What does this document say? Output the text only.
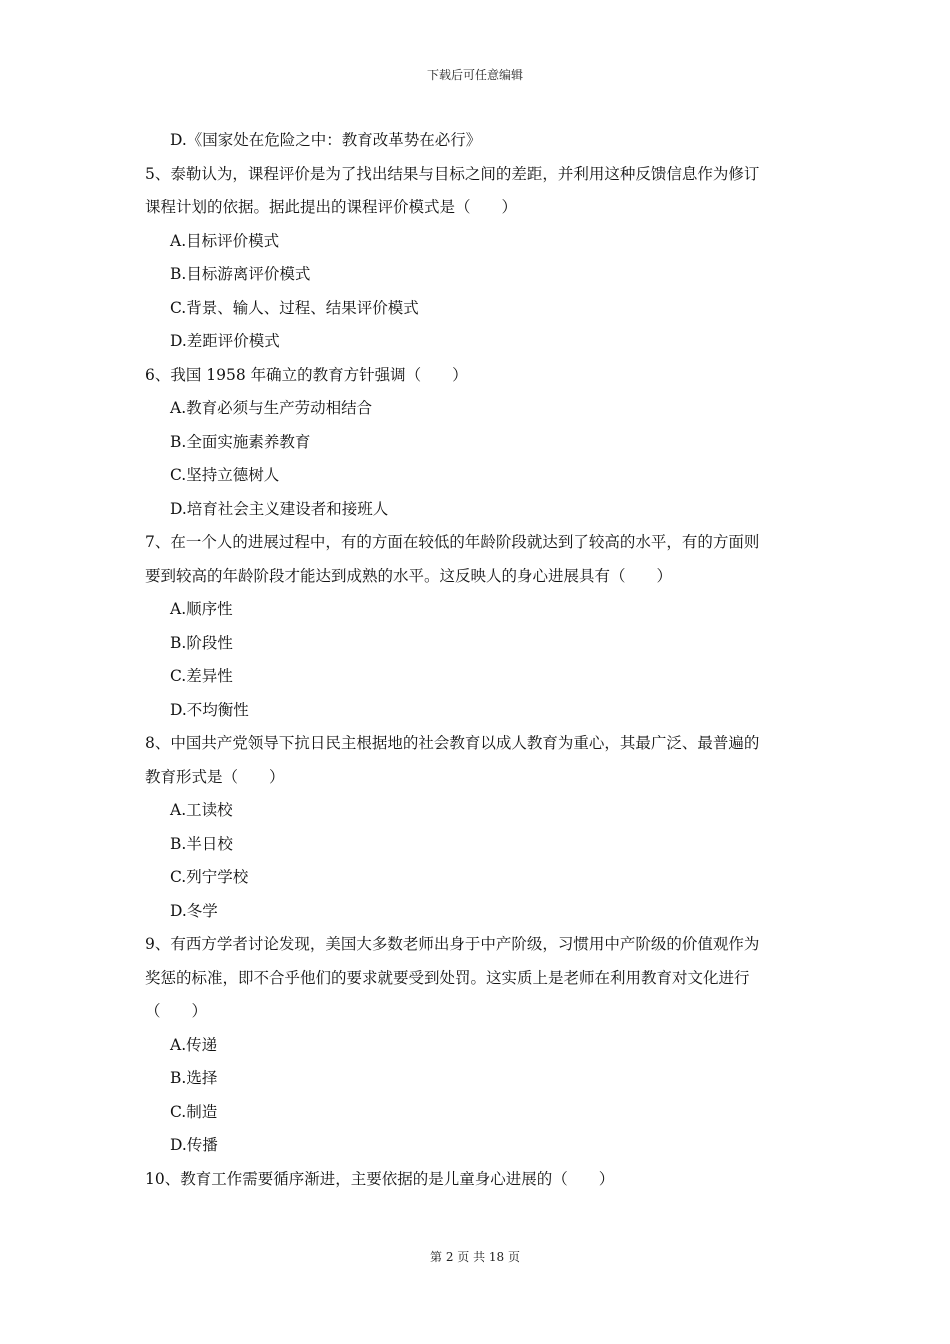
下载后可任意编辑
D.《国家处在危险之中：教育改革势在必行》
5、泰勒认为，课程评价是为了找出结果与目标之间的差距，并利用这种反馈信息作为修订
课程计划的依据。据此提出的课程评价模式是（　　）
A.目标评价模式
B.目标游离评价模式
C.背景、输人、过程、结果评价模式
D.差距评价模式
6、我国 1958 年确立的教育方针强调（　　）
A.教育必须与生产劳动相结合
B.全面实施素养教育
C.坚持立德树人
D.培育社会主义建设者和接班人
7、在一个人的进展过程中，有的方面在较低的年龄阶段就达到了较高的水平，有的方面则
要到较高的年龄阶段才能达到成熟的水平。这反映人的身心进展具有（　　）
A.顺序性
B.阶段性
C.差异性
D.不均衡性
8、中国共产党领导下抗日民主根据地的社会教育以成人教育为重心，其最广泛、最普遍的
教育形式是（　　）
A.工读校
B.半日校
C.列宁学校
D.冬学
9、有西方学者讨论发现，美国大多数老师出身于中产阶级，习惯用中产阶级的价值观作为
奖惩的标准，即不合乎他们的要求就要受到处罚。这实质上是老师在利用教育对文化进行
（　　）
A.传递
B.选择
C.制造
D.传播
10、教育工作需要循序渐进，主要依据的是儿童身心进展的（　　）
第 2 页 共 18 页
